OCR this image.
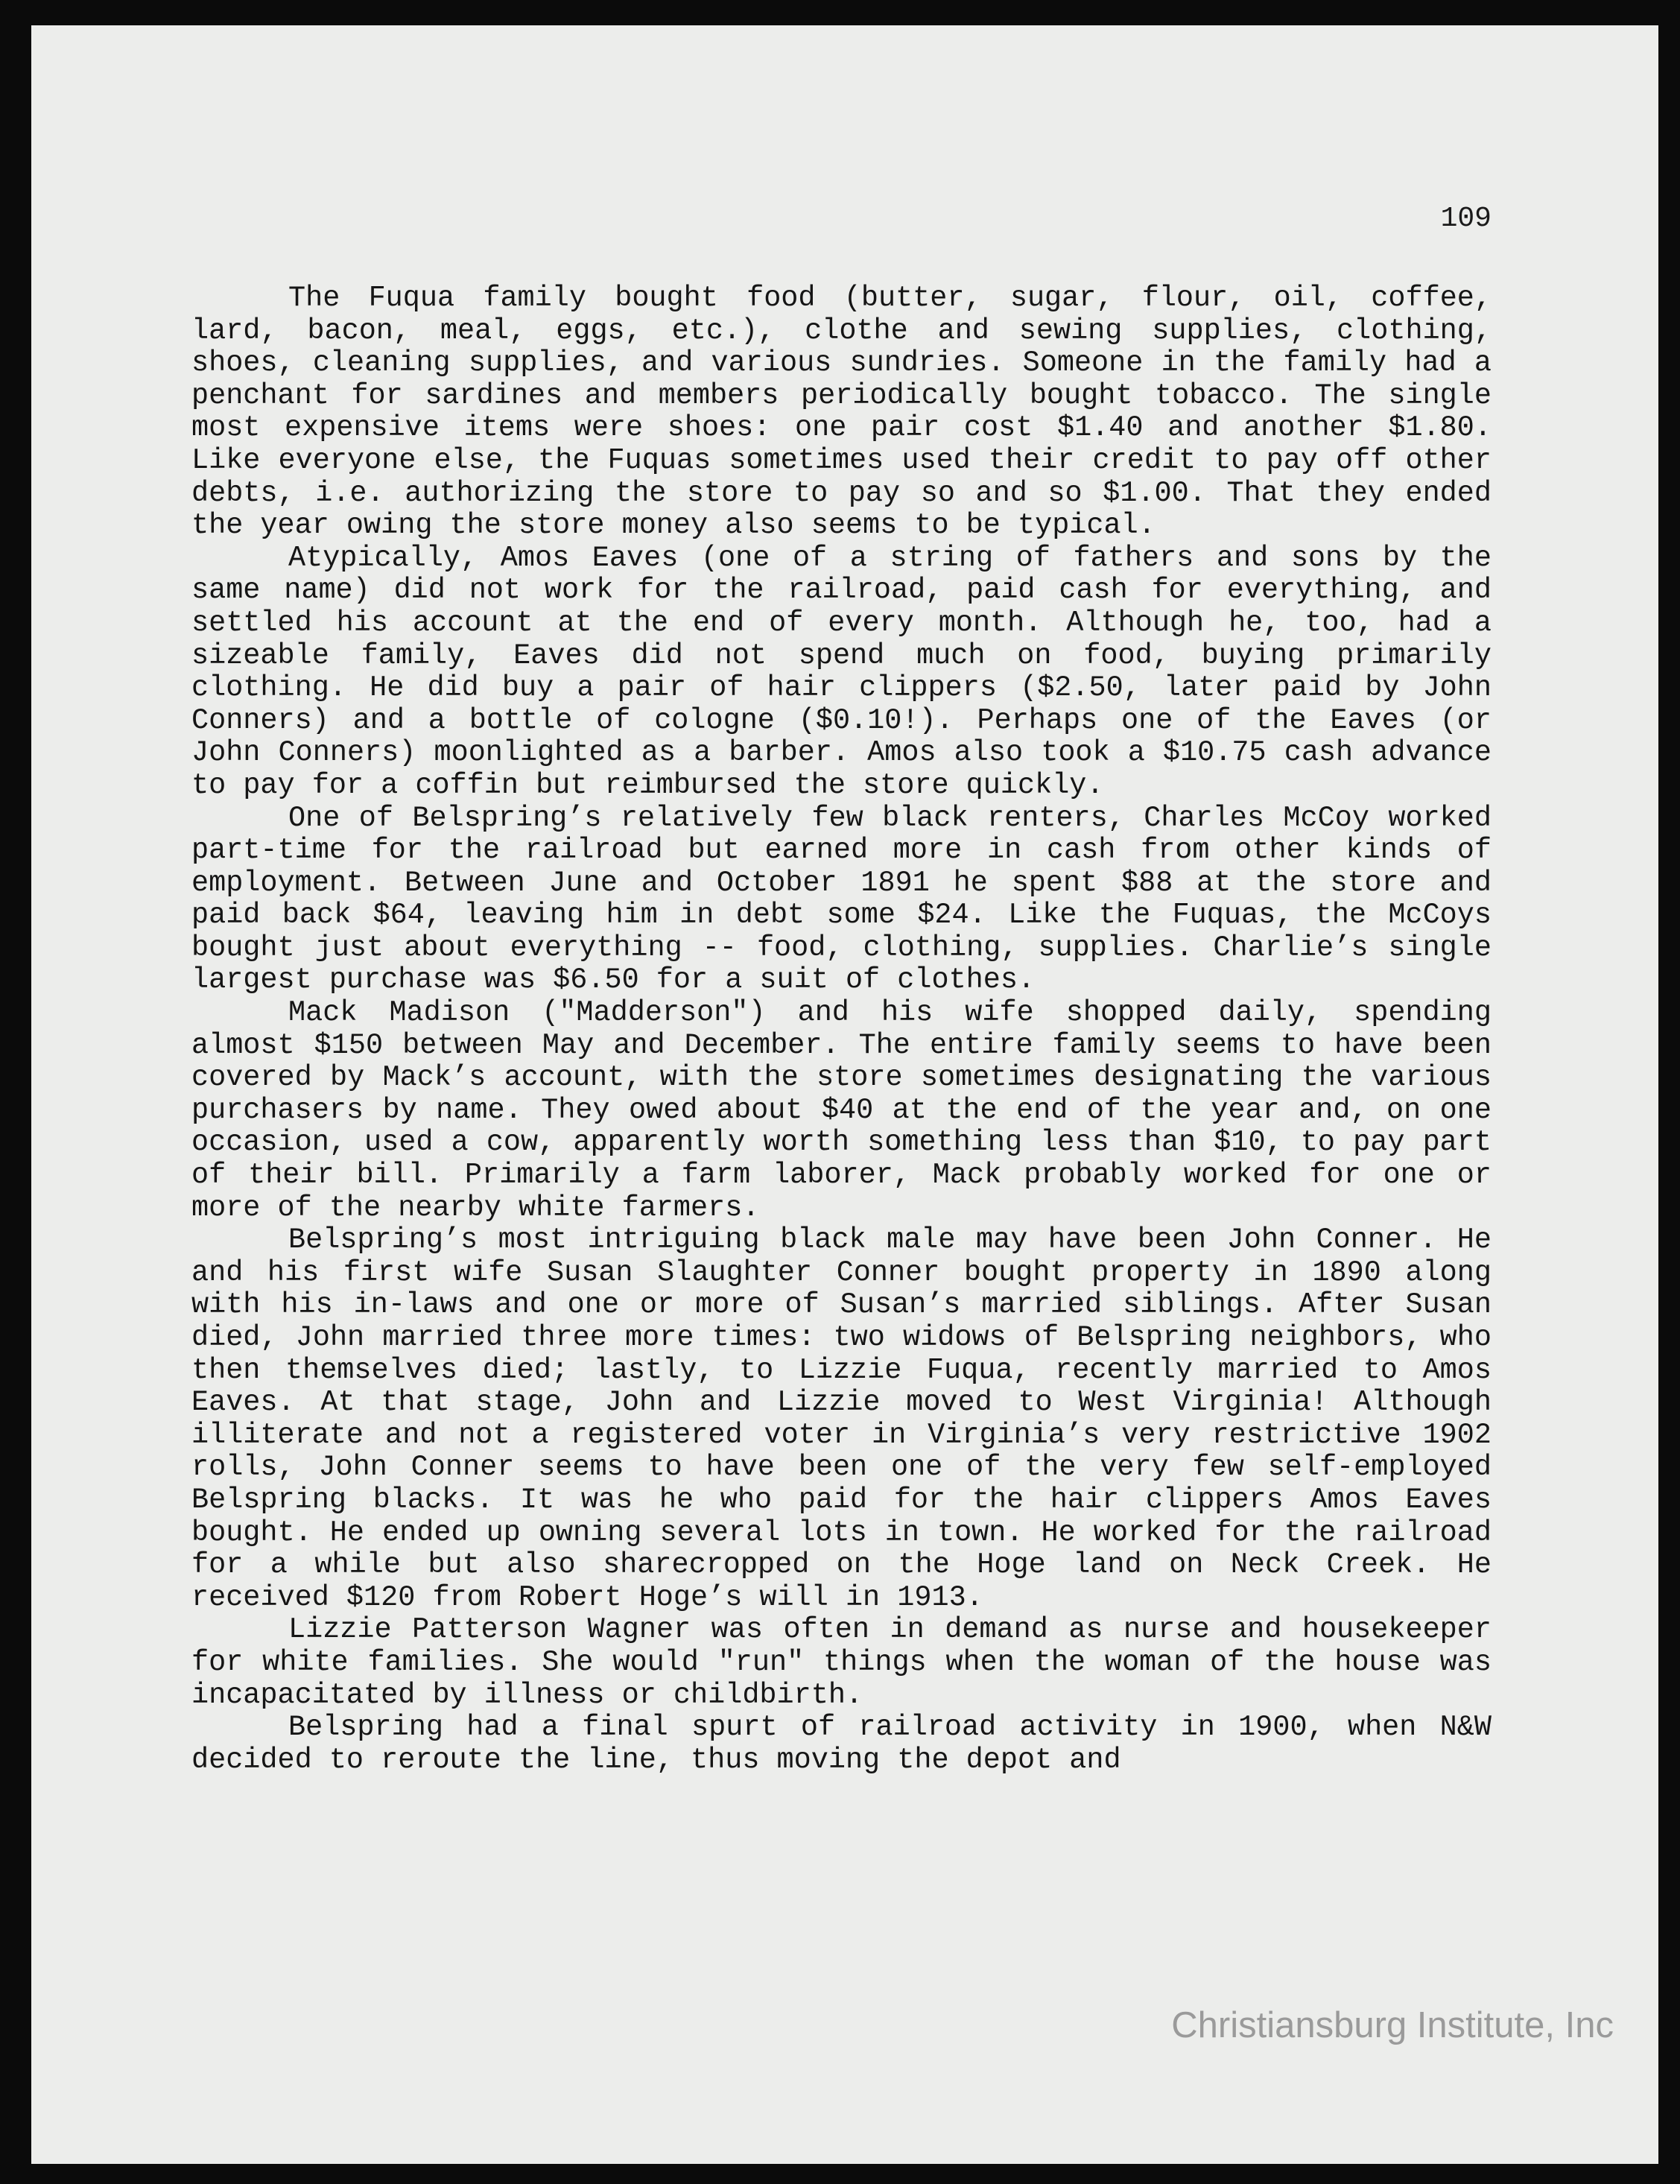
109

The Fuqua family bought food (butter, sugar, flour, oil, coffee, lard, bacon, meal, eggs, etc.), clothe and sewing supplies, clothing, shoes, cleaning supplies, and various sundries. Someone in the family had a penchant for sardines and members periodically bought tobacco. The single most expensive items were shoes: one pair cost $1.40 and another $1.80. Like everyone else, the Fuquas sometimes used their credit to pay off other debts, i.e. authorizing the store to pay so and so $1.00. That they ended the year owing the store money also seems to be typical.

Atypically, Amos Eaves (one of a string of fathers and sons by the same name) did not work for the railroad, paid cash for everything, and settled his account at the end of every month. Although he, too, had a sizeable family, Eaves did not spend much on food, buying primarily clothing. He did buy a pair of hair clippers ($2.50, later paid by John Conners) and a bottle of cologne ($0.10!). Perhaps one of the Eaves (or John Conners) moonlighted as a barber. Amos also took a $10.75 cash advance to pay for a coffin but reimbursed the store quickly.

One of Belspring’s relatively few black renters, Charles McCoy worked part-time for the railroad but earned more in cash from other kinds of employment. Between June and October 1891 he spent $88 at the store and paid back $64, leaving him in debt some $24. Like the Fuquas, the McCoys bought just about everything -- food, clothing, supplies. Charlie’s single largest purchase was $6.50 for a suit of clothes.

Mack Madison ("Madderson") and his wife shopped daily, spending almost $150 between May and December. The entire family seems to have been covered by Mack’s account, with the store sometimes designating the various purchasers by name. They owed about $40 at the end of the year and, on one occasion, used a cow, apparently worth something less than $10, to pay part of their bill. Primarily a farm laborer, Mack probably worked for one or more of the nearby white farmers.

Belspring’s most intriguing black male may have been John Conner. He and his first wife Susan Slaughter Conner bought property in 1890 along with his in-laws and one or more of Susan’s married siblings. After Susan died, John married three more times: two widows of Belspring neighbors, who then themselves died; lastly, to Lizzie Fuqua, recently married to Amos Eaves. At that stage, John and Lizzie moved to West Virginia! Although illiterate and not a registered voter in Virginia’s very restrictive 1902 rolls, John Conner seems to have been one of the very few self-employed Belspring blacks. It was he who paid for the hair clippers Amos Eaves bought. He ended up owning several lots in town. He worked for the railroad for a while but also sharecropped on the Hoge land on Neck Creek. He received $120 from Robert Hoge’s will in 1913.

Lizzie Patterson Wagner was often in demand as nurse and housekeeper for white families. She would "run" things when the woman of the house was incapacitated by illness or childbirth.

Belspring had a final spurt of railroad activity in 1900, when N&W decided to reroute the line, thus moving the depot and

Christiansburg Institute, Inc
